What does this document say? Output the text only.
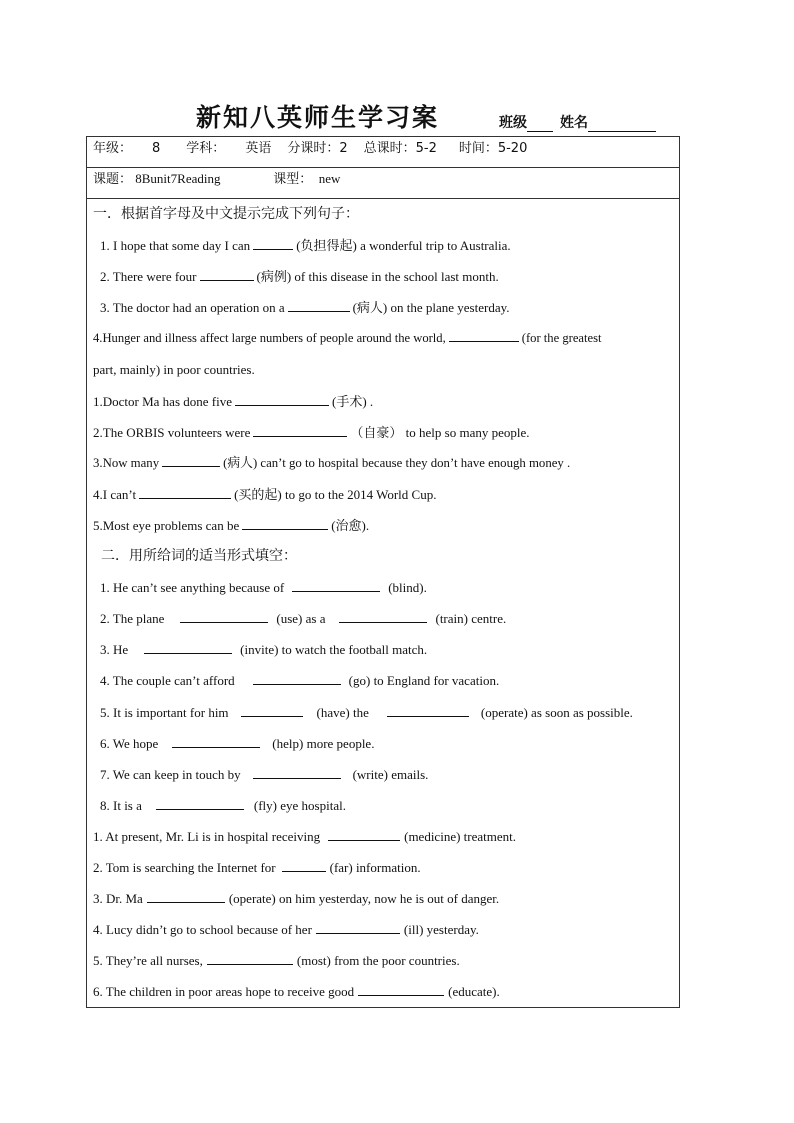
新知八英师生学习案	班级 姓名
年级： 8 学科： 英语 分课时：2 总课时：5-2 时间：5-20
课题： 8Bunit7Reading	课型： new

一．根据首字母及中文提示完成下列句子：
1. I hope that some day I can	(负担得起) a wonderful trip to Australia.
2. There were four	(病例) of this disease in the school last month.
3. The doctor had an operation on a	(病人) on the plane yesterday.
4.Hunger and illness affect large numbers of people around the world,	(for the greatest
part, mainly) in poor countries.
1.Doctor Ma has done five	(手术) .
2.The ORBIS volunteers were	（自豪） to help so many people.
3.Now many	(病人) can’t go to hospital because they don’t have enough money .
4.I can’t	(买的起) to go to the 2014 World Cup.
5.Most eye problems can be	(治愈).
二．用所给词的适当形式填空：
1. He can’t see anything because of	(blind).
2. The plane	(use) as a	(train) centre.
3. He	(invite) to watch the football match.
4. The couple can’t afford	(go) to England for vacation.
5. It is important for him	(have) the	(operate) as soon as possible.
6. We hope	(help) more people.
7. We can keep in touch by	(write) emails.
8. It is a	(fly) eye hospital.
1. At present, Mr. Li is in hospital receiving	(medicine) treatment.
2. Tom is searching the Internet for	(far) information.
3. Dr. Ma	(operate) on him yesterday, now he is out of danger.
4. Lucy didn’t go to school because of her	(ill) yesterday.
5. They’re all nurses,	(most) from the poor countries.
6. The children in poor areas hope to receive good	(educate).
